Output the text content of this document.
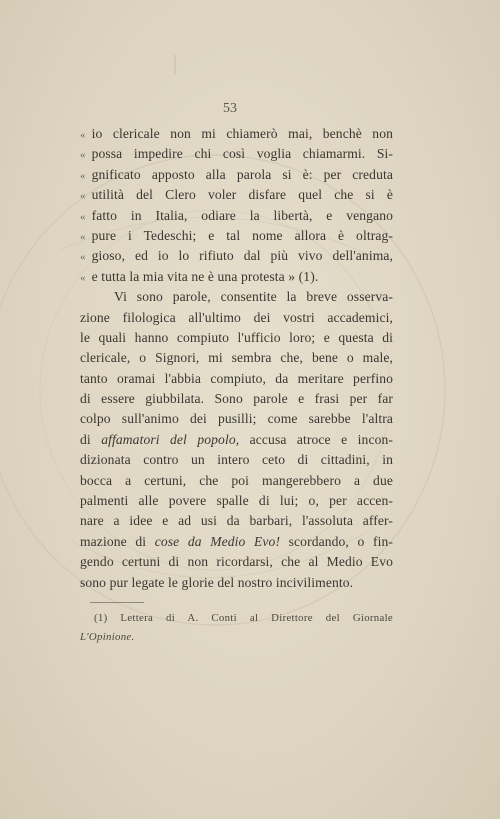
53
« io clericale non mi chiamerò mai, benchè non
« possa impedire chi così voglia chiamarmi. Si-
« gnificato apposto alla parola si è: per creduta
« utilità del Clero voler disfare quel che si è
« fatto in Italia, odiare la libertà, e vengano
« pure i Tedeschi; e tal nome allora è oltrag-
« gioso, ed io lo rifiuto dal più vivo dell'anima,
« e tutta la mia vita ne è una protesta » (1).
Vi sono parole, consentite la breve osserva-
zione filologica all'ultimo dei vostri accademici,
le quali hanno compiuto l'ufficio loro; e questa di
clericale, o Signori, mi sembra che, bene o male,
tanto oramai l'abbia compiuto, da meritare perfino
di essere giubbilata. Sono parole e frasi per far
colpo sull'animo dei pusilli; come sarebbe l'altra
di affamatori del popolo, accusa atroce e incon-
dizionata contro un intero ceto di cittadini, in
bocca a certuni, che poi mangerebbero a due
palmenti alle povere spalle di lui; o, per accen-
nare a idee e ad usi da barbari, l'assoluta affer-
mazione di cose da Medio Evo! scordando, o fin-
gendo certuni di non ricordarsi, che al Medio Evo
sono pur legate le glorie del nostro incivilimento.
(1) Lettera di A. Conti al Direttore del Giornale
L'Opinione.
